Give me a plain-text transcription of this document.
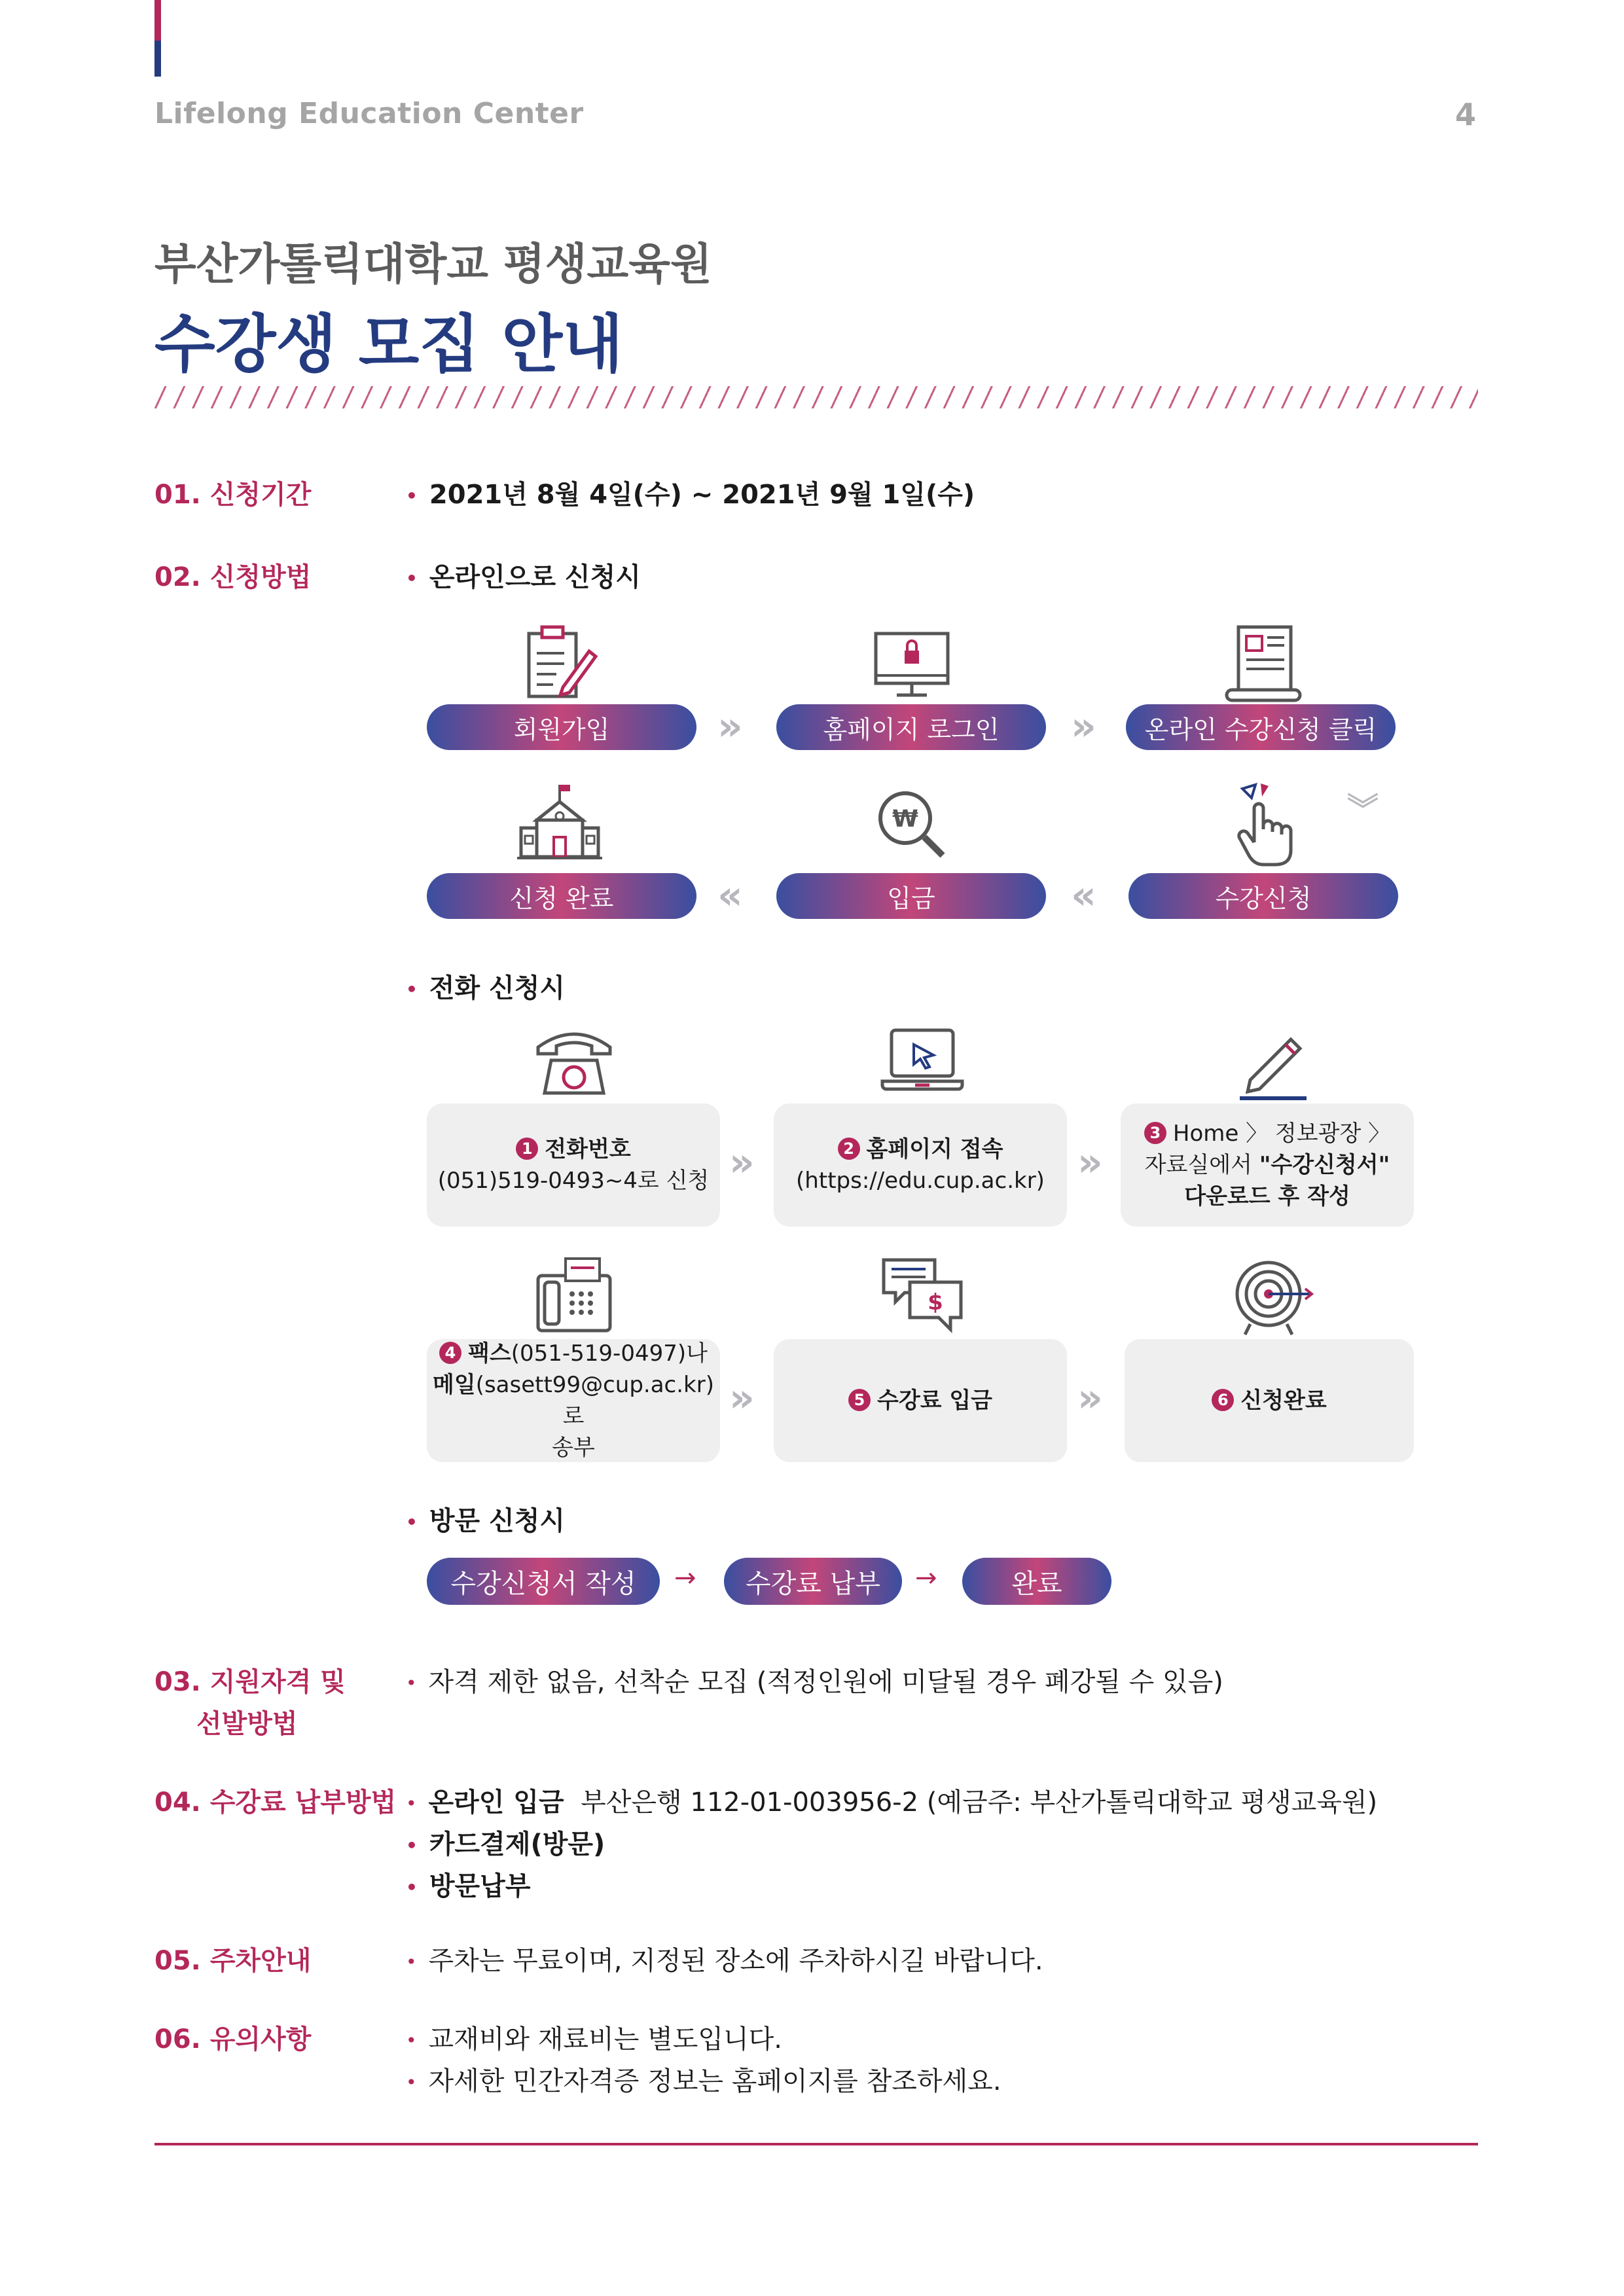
Lifelong Education Center	4
부산가톨릭대학교 평생교육원
수강생 모집 안내
01. 신청기간	• 2021년 8월 4일(수) ~ 2021년 9월 1일(수)
02. 신청방법	• 온라인으로 신청시
회원가입	»	홈페이지 로그인	»	온라인 수강신청 클릭
₩	︾
신청 완료	«	입금	«	수강신청
• 전화 신청시
1 전화번호
(051)519-0493~4로 신청 »	2 홈페이지 접속
(https://edu.cup.ac.kr) »
3 Home 〉 정보광장 〉
자료실에서 "수강신청서"
다운로드 후 작성
$
4 팩스(051-519-0497)나
메일(sasett99@cup.ac.kr)로
송부
»	5 수강료 입금 »	6 신청완료
• 방문 신청시
수강신청서 작성	→	수강료 납부	→	완료
03. 지원자격 및
선발방법
• 자격 제한 없음, 선착순 모집 (적정인원에 미달될 경우 폐강될 수 있음)
04. 수강료 납부방법 • 온라인 입금 부산은행 112-01-003956-2 (예금주: 부산가톨릭대학교 평생교육원)
• 카드결제(방문)
• 방문납부
05. 주차안내	• 주차는 무료이며, 지정된 장소에 주차하시길 바랍니다.
06. 유의사항	• 교재비와 재료비는 별도입니다.
• 자세한 민간자격증 정보는 홈페이지를 참조하세요.
